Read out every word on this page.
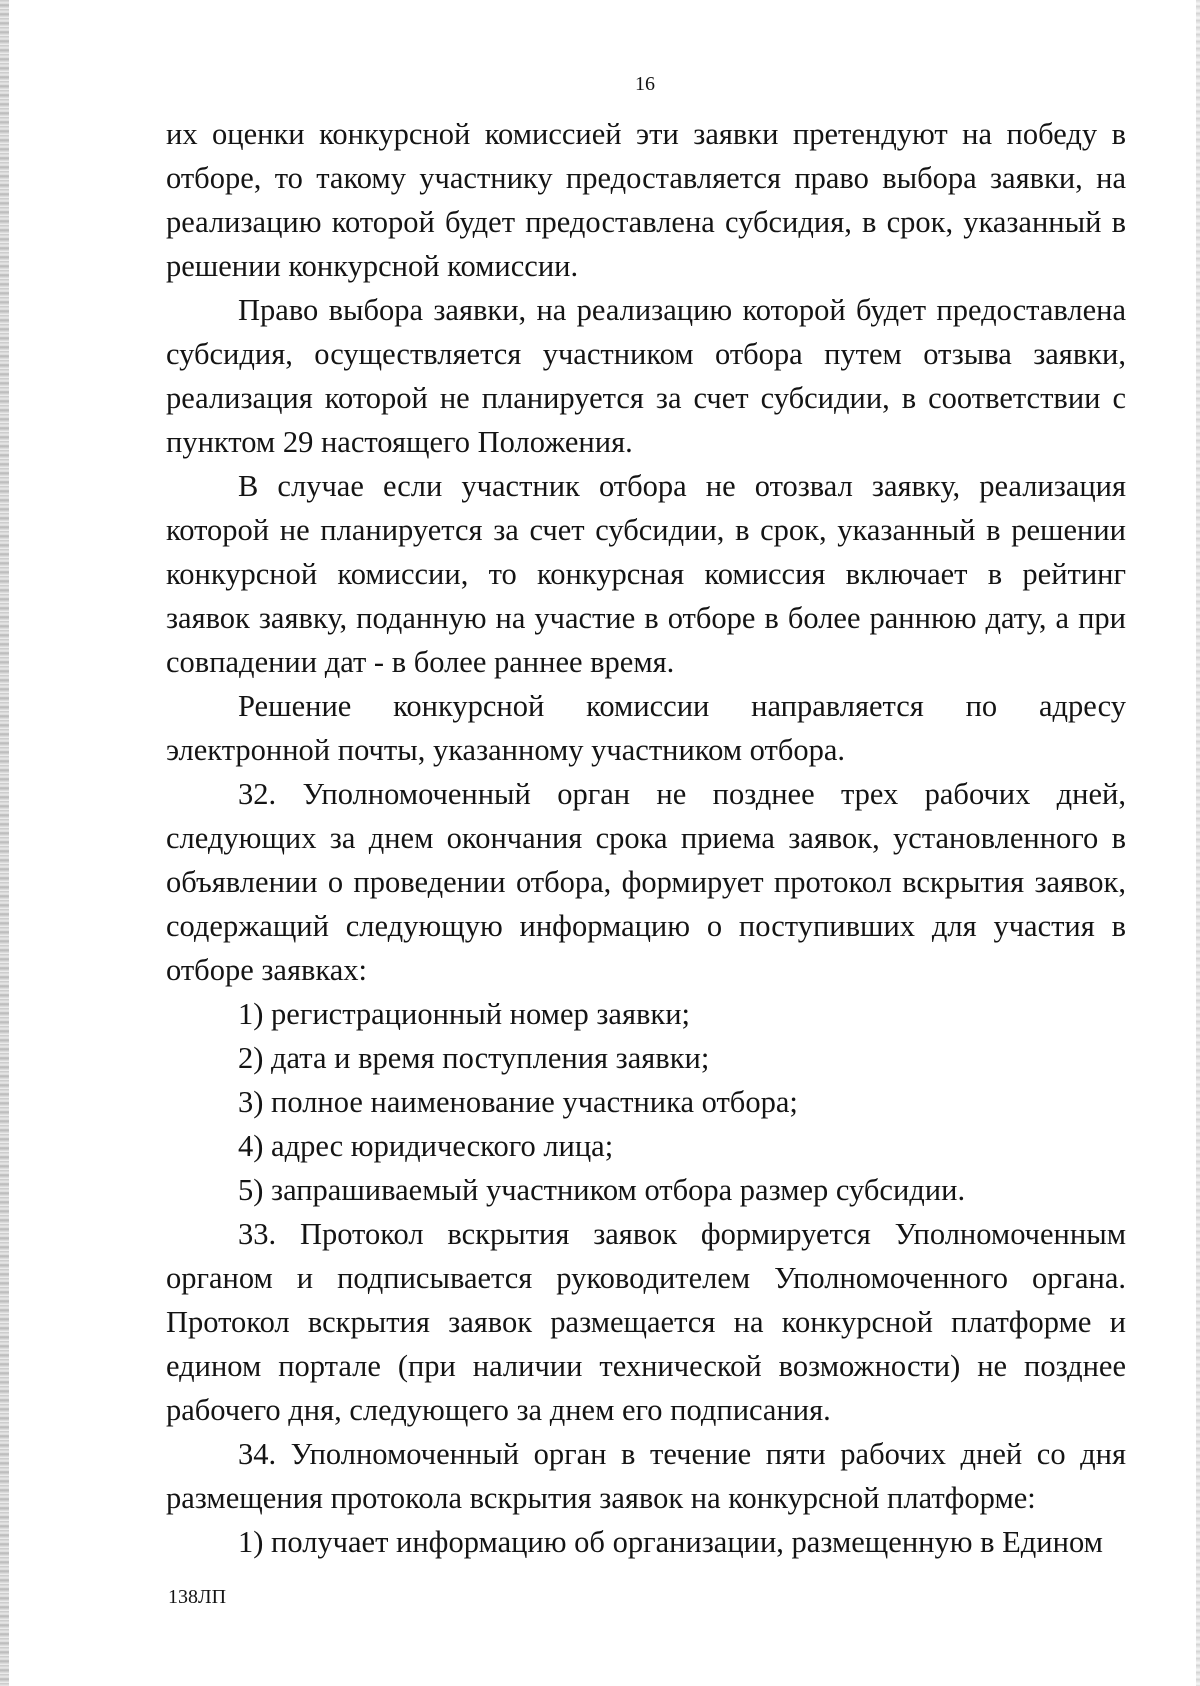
16

их оценки конкурсной комиссией эти заявки претендуют на победу в отборе, то такому участнику предоставляется право выбора заявки, на реализацию которой будет предоставлена субсидия, в срок, указанный в решении конкурсной комиссии.

Право выбора заявки, на реализацию которой будет предоставлена субсидия, осуществляется участником отбора путем отзыва заявки, реализация которой не планируется за счет субсидии, в соответствии с пунктом 29 настоящего Положения.

В случае если участник отбора не отозвал заявку, реализация которой не планируется за счет субсидии, в срок, указанный в решении конкурсной комиссии, то конкурсная комиссия включает в рейтинг заявок заявку, поданную на участие в отборе в более раннюю дату, а при совпадении дат - в более раннее время.

Решение конкурсной комиссии направляется по адресу электронной почты, указанному участником отбора.

32. Уполномоченный орган не позднее трех рабочих дней, следующих за днем окончания срока приема заявок, установленного в объявлении о проведении отбора, формирует протокол вскрытия заявок, содержащий следующую информацию о поступивших для участия в отборе заявках:

1) регистрационный номер заявки;

2) дата и время поступления заявки;

3) полное наименование участника отбора;

4) адрес юридического лица;

5) запрашиваемый участником отбора размер субсидии.

33. Протокол вскрытия заявок формируется Уполномоченным органом и подписывается руководителем Уполномоченного органа. Протокол вскрытия заявок размещается на конкурсной платформе и едином портале (при наличии технической возможности) не позднее рабочего дня, следующего за днем его подписания.

34. Уполномоченный орган в течение пяти рабочих дней со дня размещения протокола вскрытия заявок на конкурсной платформе:

1) получает информацию об организации, размещенную в Едином

138ЛП
